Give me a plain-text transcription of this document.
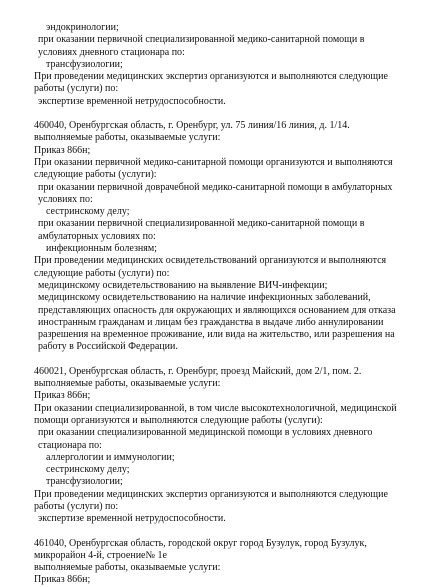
эндокринологии;
при оказании первичной специализированной медико-санитарной помощи в условиях дневного стационара по:
трансфузиологии;
При проведении медицинских экспертиз организуются и выполняются следующие работы (услуги) по:
экспертизе временной нетрудоспособности.
460040, Оренбургская область, г. Оренбург, ул. 75 линия/16 линия, д. 1/14.
выполняемые работы, оказываемые услуги:
Приказ 866н;
При оказании первичной медико-санитарной помощи организуются и выполняются следующие работы (услуги):
при оказании первичной доврачебной медико-санитарной помощи в амбулаторных условиях по:
сестринскому делу;
при оказании первичной специализированной медико-санитарной помощи в амбулаторных условиях по:
инфекционным болезням;
При проведении медицинских освидетельствований организуются и выполняются следующие работы (услуги) по:
медицинскому освидетельствованию на выявление ВИЧ-инфекции;
медицинскому освидетельствованию на наличие инфекционных заболеваний, представляющих опасность для окружающих и являющихся основанием для отказа иностранным гражданам и лицам без гражданства в выдаче либо аннулировании разрешения на временное проживание, или вида на жительство, или разрешения на работу в Российской Федерации.
460021, Оренбургская область, г. Оренбург, проезд Майский, дом 2/1, пом. 2.
выполняемые работы, оказываемые услуги:
Приказ 866н;
При оказании специализированной, в том числе высокотехнологичной, медицинской помощи организуются и выполняются следующие работы (услуги):
при оказании специализированной медицинской помощи в условиях дневного стационара по:
аллергологии и иммунологии;
сестринскому делу;
трансфузиологии;
При проведении медицинских экспертиз организуются и выполняются следующие работы (услуги) по:
экспертизе временной нетрудоспособности.
461040, Оренбургская область, городской округ город Бузулук, город Бузулук, микрорайон 4-й, строение№ 1е
выполняемые работы, оказываемые услуги:
Приказ 866н;
